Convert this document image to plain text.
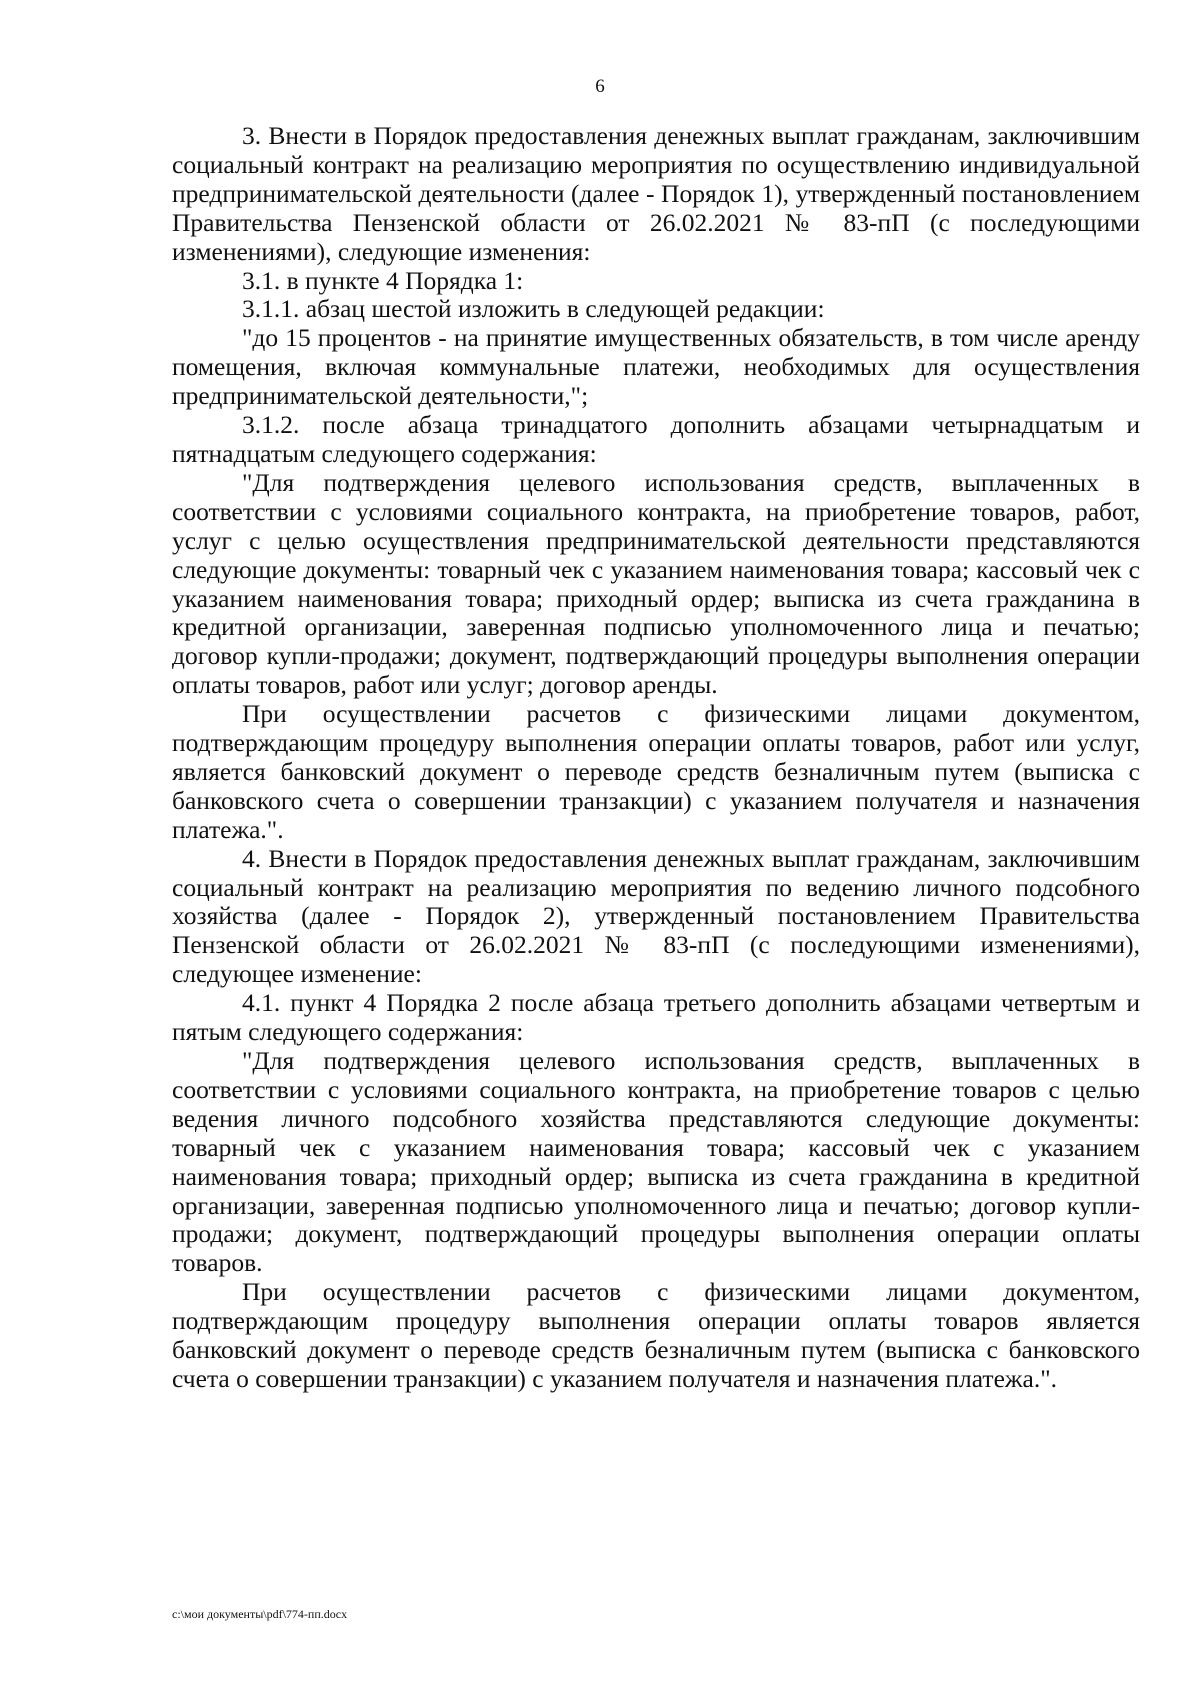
6

3. Внести в Порядок предоставления денежных выплат гражданам, заключившим социальный контракт на реализацию мероприятия по осуществлению индивидуальной предпринимательской деятельности (далее - Порядок 1), утвержденный постановлением Правительства Пензенской области от 26.02.2021 № 83-пП (с последующими изменениями), следующие изменения:

3.1. в пункте 4 Порядка 1:

3.1.1. абзац шестой изложить в следующей редакции:

"до 15 процентов - на принятие имущественных обязательств, в том числе аренду помещения, включая коммунальные платежи, необходимых для осуществления предпринимательской деятельности,";

3.1.2. после абзаца тринадцатого дополнить абзацами четырнадцатым и пятнадцатым следующего содержания:

"Для подтверждения целевого использования средств, выплаченных в соответствии с условиями социального контракта, на приобретение товаров, работ, услуг с целью осуществления предпринимательской деятельности представляются следующие документы: товарный чек с указанием наименования товара; кассовый чек с указанием наименования товара; приходный ордер; выписка из счета гражданина в кредитной организации, заверенная подписью уполномоченного лица и печатью; договор купли-продажи; документ, подтверждающий процедуры выполнения операции оплаты товаров, работ или услуг; договор аренды.

При осуществлении расчетов с физическими лицами документом, подтверждающим процедуру выполнения операции оплаты товаров, работ или услуг, является банковский документ о переводе средств безналичным путем (выписка с банковского счета о совершении транзакции) с указанием получателя и назначения платежа.".

4. Внести в Порядок предоставления денежных выплат гражданам, заключившим социальный контракт на реализацию мероприятия по ведению личного подсобного хозяйства (далее - Порядок 2), утвержденный постановлением Правительства Пензенской области от 26.02.2021 № 83-пП (с последующими изменениями), следующее изменение:

4.1. пункт 4 Порядка 2 после абзаца третьего дополнить абзацами четвертым и пятым следующего содержания:

"Для подтверждения целевого использования средств, выплаченных в соответствии с условиями социального контракта, на приобретение товаров с целью ведения личного подсобного хозяйства представляются следующие документы: товарный чек с указанием наименования товара; кассовый чек с указанием наименования товара; приходный ордер; выписка из счета гражданина в кредитной организации, заверенная подписью уполномоченного лица и печатью; договор купли-продажи; документ, подтверждающий процедуры выполнения операции оплаты товаров.

При осуществлении расчетов с физическими лицами документом, подтверждающим процедуру выполнения операции оплаты товаров является банковский документ о переводе средств безналичным путем (выписка с банковского счета о совершении транзакции) с указанием получателя и назначения платежа.".

c:\мои документы\pdf\774-пп.docx
